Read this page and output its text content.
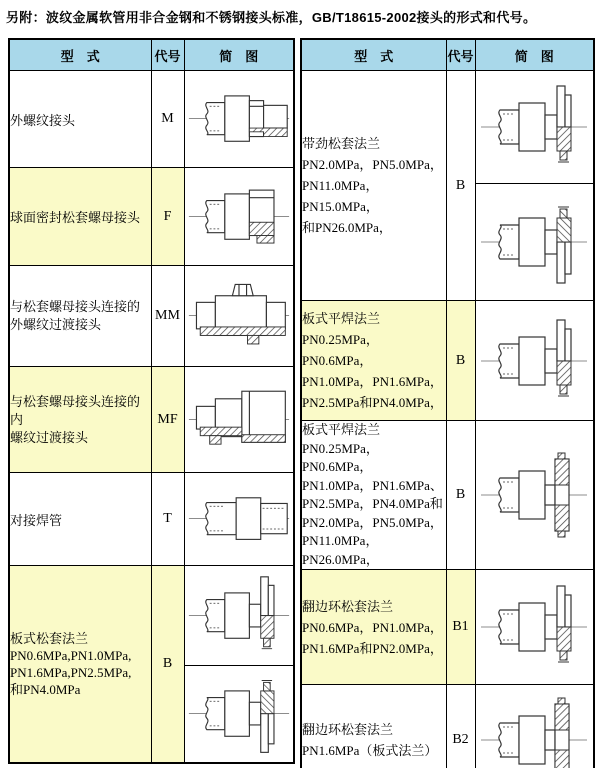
另附：波纹金属软管用非合金钢和不锈钢接头标准，GB/T18615-2002接头的形式和代号。
型　式	代号	简　图

外螺纹接头	M	

球面密封松套螺母接头	F	

与松套螺母接头连接的
外螺纹过渡接头	MM	

与松套螺母接头连接的内
螺纹过渡接头	MF	

对接焊管	T	

板式松套法兰
PN0.6MPa,PN1.0MPa,
PN1.6MPa,PN2.5MPa,
和PN4.0MPa	B	

型　式	代号	简　图

带劲松套法兰
PN2.0MPa，PN5.0MPa，
PN11.0MPa，PN15.0MPa，
和PN26.0MPa，	B	

板式平焊法兰
PN0.25MPa，PN0.6MPa，
PN1.0MPa，PN1.6MPa，
PN2.5MPa和PN4.0MPa，	B	

板式平焊法兰
PN0.25MPa，PN0.6MPa，
PN1.0MPa，PN1.6MPa、
PN2.5MPa，PN4.0MPa和
PN2.0MPa，PN5.0MPa，
PN11.0MPa，PN26.0MPa，
	B	

翻边环松套法兰
PN0.6MPa，PN1.0MPa，
PN1.6MPa和PN2.0MPa，	B1	

翻边环松套法兰
PN1.6MPa（板式法兰）	B2	
